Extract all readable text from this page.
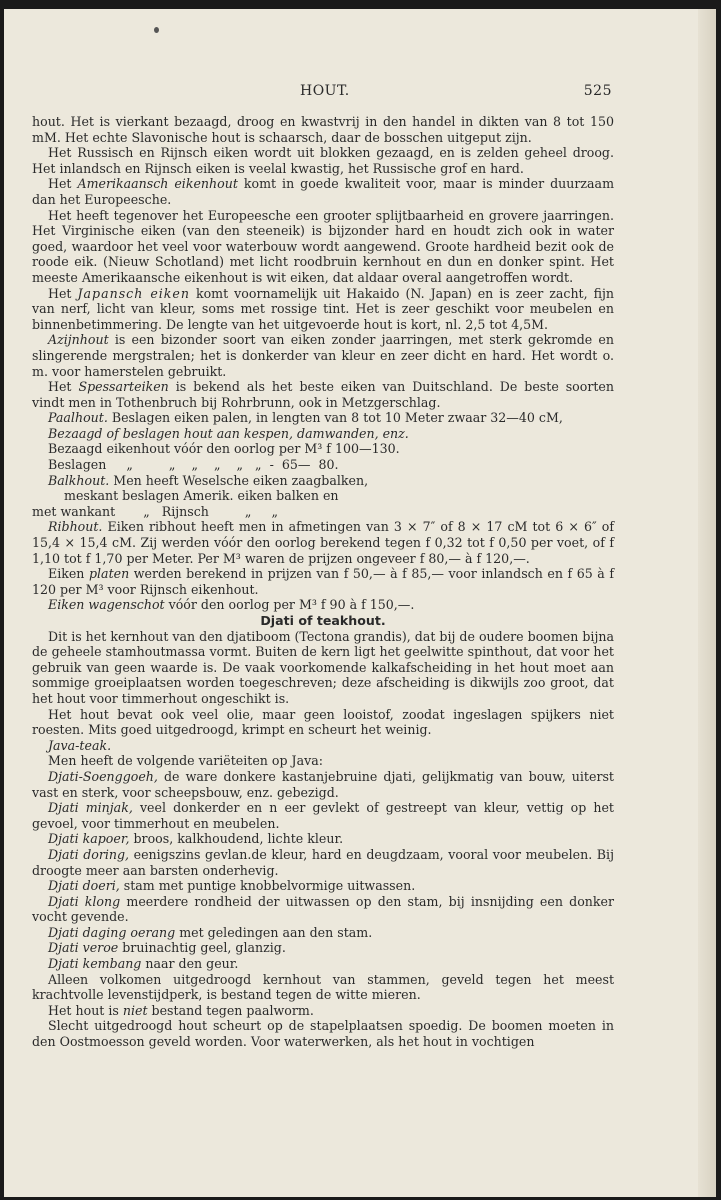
HOUT.	525

hout. Het is vierkant bezaagd, droog en kwastvrij in den handel in dikten van 8 tot 150 mM. Het echte Slavonische hout is schaarsch, daar de bosschen uitgeput zijn.

Het Russisch en Rijnsch eiken wordt uit blokken gezaagd, en is zelden geheel droog. Het inlandsch en Rijnsch eiken is veelal kwastig, het Russische grof en hard.

Het Amerikaansch eikenhout komt in goede kwaliteit voor, maar is minder duurzaam dan het Europeesche.

Het heeft tegenover het Europeesche een grooter splijtbaarheid en grovere jaarringen. Het Virginische eiken (van den steeneik) is bijzonder hard en houdt zich ook in water goed, waardoor het veel voor waterbouw wordt aangewend. Groote hardheid bezit ook de roode eik. (Nieuw Schotland) met licht roodbruin kernhout en dun en donker spint. Het meeste Amerikaansche eikenhout is wit eiken, dat aldaar overal aangetroffen wordt.

Het Japansch eiken komt voornamelijk uit Hakaido (N. Japan) en is zeer zacht, fijn van nerf, licht van kleur, soms met rossige tint. Het is zeer geschikt voor meubelen en binnenbetimmering. De lengte van het uitgevoerde hout is kort, nl. 2,5 tot 4,5M.

Azijnhout is een bizonder soort van eiken zonder jaarringen, met sterk gekromde en slingerende mergstralen; het is donkerder van kleur en zeer dicht en hard. Het wordt o. m. voor hamerstelen gebruikt.

Het Spessarteiken is bekend als het beste eiken van Duitschland. De beste soorten vindt men in Tothenbruch bij Rohrbrunn, ook in Metzgerschlag.

Paalhout. Beslagen eiken palen, in lengten van 8 tot 10 Meter zwaar 32—40 cM,

Bezaagd of beslagen hout aan kespen, damwanden, enz.

Bezaagd eikenhout vóór den oorlog per M³ f 100—130.

Beslagen     „         „    „    „    „   „  -  65—  80.

Balkhout. Men heeft Weselsche eiken zaagbalken,

meskant beslagen Amerik. eiken balken en

met wankant       „   Rijnsch         „     „

Ribhout. Eiken ribhout heeft men in afmetingen van 3 × 7″ of 8 × 17 cM tot 6 × 6″ of 15,4 × 15,4 cM. Zij werden vóór den oorlog berekend tegen f 0,32 tot f 0,50 per voet, of f 1,10 tot f 1,70 per Meter. Per M³ waren de prijzen ongeveer f 80,— à f 120,—.

Eiken platen werden berekend in prijzen van f 50,— à f 85,— voor inlandsch en f 65 à f 120 per M³ voor Rijnsch eikenhout.

Eiken wagenschot vóór den oorlog per M³ f 90 à f 150,—.

Djati of teakhout.

Dit is het kernhout van den djatiboom (Tectona grandis), dat bij de oudere boomen bijna de geheele stamhoutmassa vormt. Buiten de kern ligt het geelwitte spinthout, dat voor het gebruik van geen waarde is. De vaak voorkomende kalkafscheiding in het hout moet aan sommige groeiplaatsen worden toegeschreven; deze afscheiding is dikwijls zoo groot, dat het hout voor timmerhout ongeschikt is.

Het hout bevat ook veel olie, maar geen looistof, zoodat ingeslagen spijkers niet roesten. Mits goed uitgedroogd, krimpt en scheurt het weinig.

Java-teak.

Men heeft de volgende variëteiten op Java:

Djati-Soenggoeh, de ware donkere kastanjebruine djati, gelijkmatig van bouw, uiterst vast en sterk, voor scheepsbouw, enz. gebezigd.

Djati minjak, veel donkerder en n eer gevlekt of gestreept van kleur, vettig op het gevoel, voor timmerhout en meubelen.

Djati kapoer, broos, kalkhoudend, lichte kleur.

Djati doring, eenigszins gevlan.de kleur, hard en deugdzaam, vooral voor meubelen. Bij droogte meer aan barsten onderhevig.

Djati doeri, stam met puntige knobbelvormige uitwassen.

Djati klong meerdere rondheid der uitwassen op den stam, bij insnijding een donker vocht gevende.

Djati daging oerang met geledingen aan den stam.

Djati veroe bruinachtig geel, glanzig.

Djati kembang naar den geur.

Alleen volkomen uitgedroogd kernhout van stammen, geveld tegen het meest krachtvolle levenstijdperk, is bestand tegen de witte mieren.

Het hout is niet bestand tegen paalworm.

Slecht uitgedroogd hout scheurt op de stapelplaatsen spoedig. De boomen moeten in den Oostmoesson geveld worden. Voor waterwerken, als het hout in vochtigen
